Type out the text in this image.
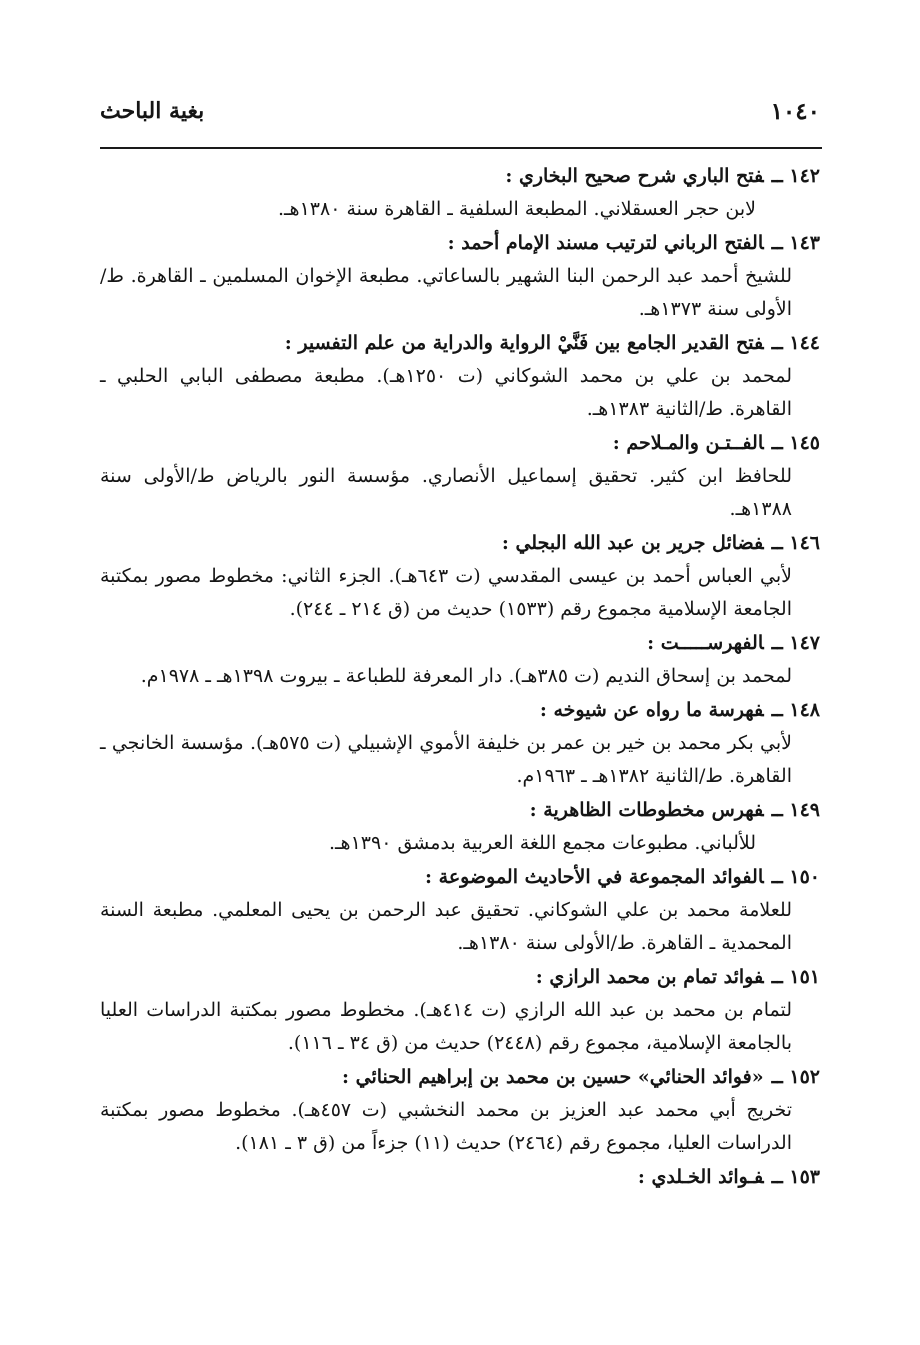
١٠٤٠
بغية الباحث
١٤٢ ــفتح الباري شرح صحيح البخاري :
لابن حجر العسقلاني. المطبعة السلفية ـ القاهرة سنة ١٣٨٠هـ.
١٤٣ ــالفتح الرباني لترتيب مسند الإمام أحمد :
للشيخ أحمد عبد الرحمن البنا الشهير بالساعاتي. مطبعة الإخوان المسلمين ـ القاهرة. ط/الأولى سنة ١٣٧٣هـ.
١٤٤ ــفتح القدير الجامع بين فَنَّيْ الرواية والدراية من علم التفسير :
لمحمد بن علي بن محمد الشوكاني (ت ١٢٥٠هـ). مطبعة مصطفى البابي الحلبي ـ القاهرة. ط/الثانية ١٣٨٣هـ.
١٤٥ ــالفــتـن والمـلاحم :
للحافظ ابن كثير. تحقيق إسماعيل الأنصاري. مؤسسة النور بالرياض ط/الأولى سنة ١٣٨٨هـ.
١٤٦ ــفضائل جرير بن عبد الله البجلي :
لأبي العباس أحمد بن عيسى المقدسي (ت ٦٤٣هـ). الجزء الثاني: مخطوط مصور بمكتبة الجامعة الإسلامية مجموع رقم (١٥٣٣) حديث من (ق ٢١٤ ـ ٢٤٤).
١٤٧ ــالفهرســـــت :
لمحمد بن إسحاق النديم (ت ٣٨٥هـ). دار المعرفة للطباعة ـ بيروت ١٣٩٨هـ ـ ١٩٧٨م.
١٤٨ ــفهرسة ما رواه عن شيوخه :
لأبي بكر محمد بن خير بن عمر بن خليفة الأموي الإشبيلي (ت ٥٧٥هـ). مؤسسة الخانجي ـ القاهرة. ط/الثانية ١٣٨٢هـ ـ ١٩٦٣م.
١٤٩ ــفهرس مخطوطات الظاهرية :
للألباني. مطبوعات مجمع اللغة العربية بدمشق ١٣٩٠هـ.
١٥٠ ــالفوائد المجموعة في الأحاديث الموضوعة :
للعلامة محمد بن علي الشوكاني. تحقيق عبد الرحمن بن يحيى المعلمي. مطبعة السنة المحمدية ـ القاهرة. ط/الأولى سنة ١٣٨٠هـ.
١٥١ ــفوائد تمام بن محمد الرازي :
لتمام بن محمد بن عبد الله الرازي (ت ٤١٤هـ). مخطوط مصور بمكتبة الدراسات العليا بالجامعة الإسلامية، مجموع رقم (٢٤٤٨) حديث من (ق ٣٤ ـ ١١٦).
١٥٢ ــ«فوائد الحنائي» حسين بن محمد بن إبراهيم الحنائي :
تخريج أبي محمد عبد العزيز بن محمد النخشبي (ت ٤٥٧هـ). مخطوط مصور بمكتبة الدراسات العليا، مجموع رقم (٢٤٦٤) حديث (١١) جزءاً من (ق ٣ ـ ١٨١).
١٥٣ ــفـوائد الخـلدي :
